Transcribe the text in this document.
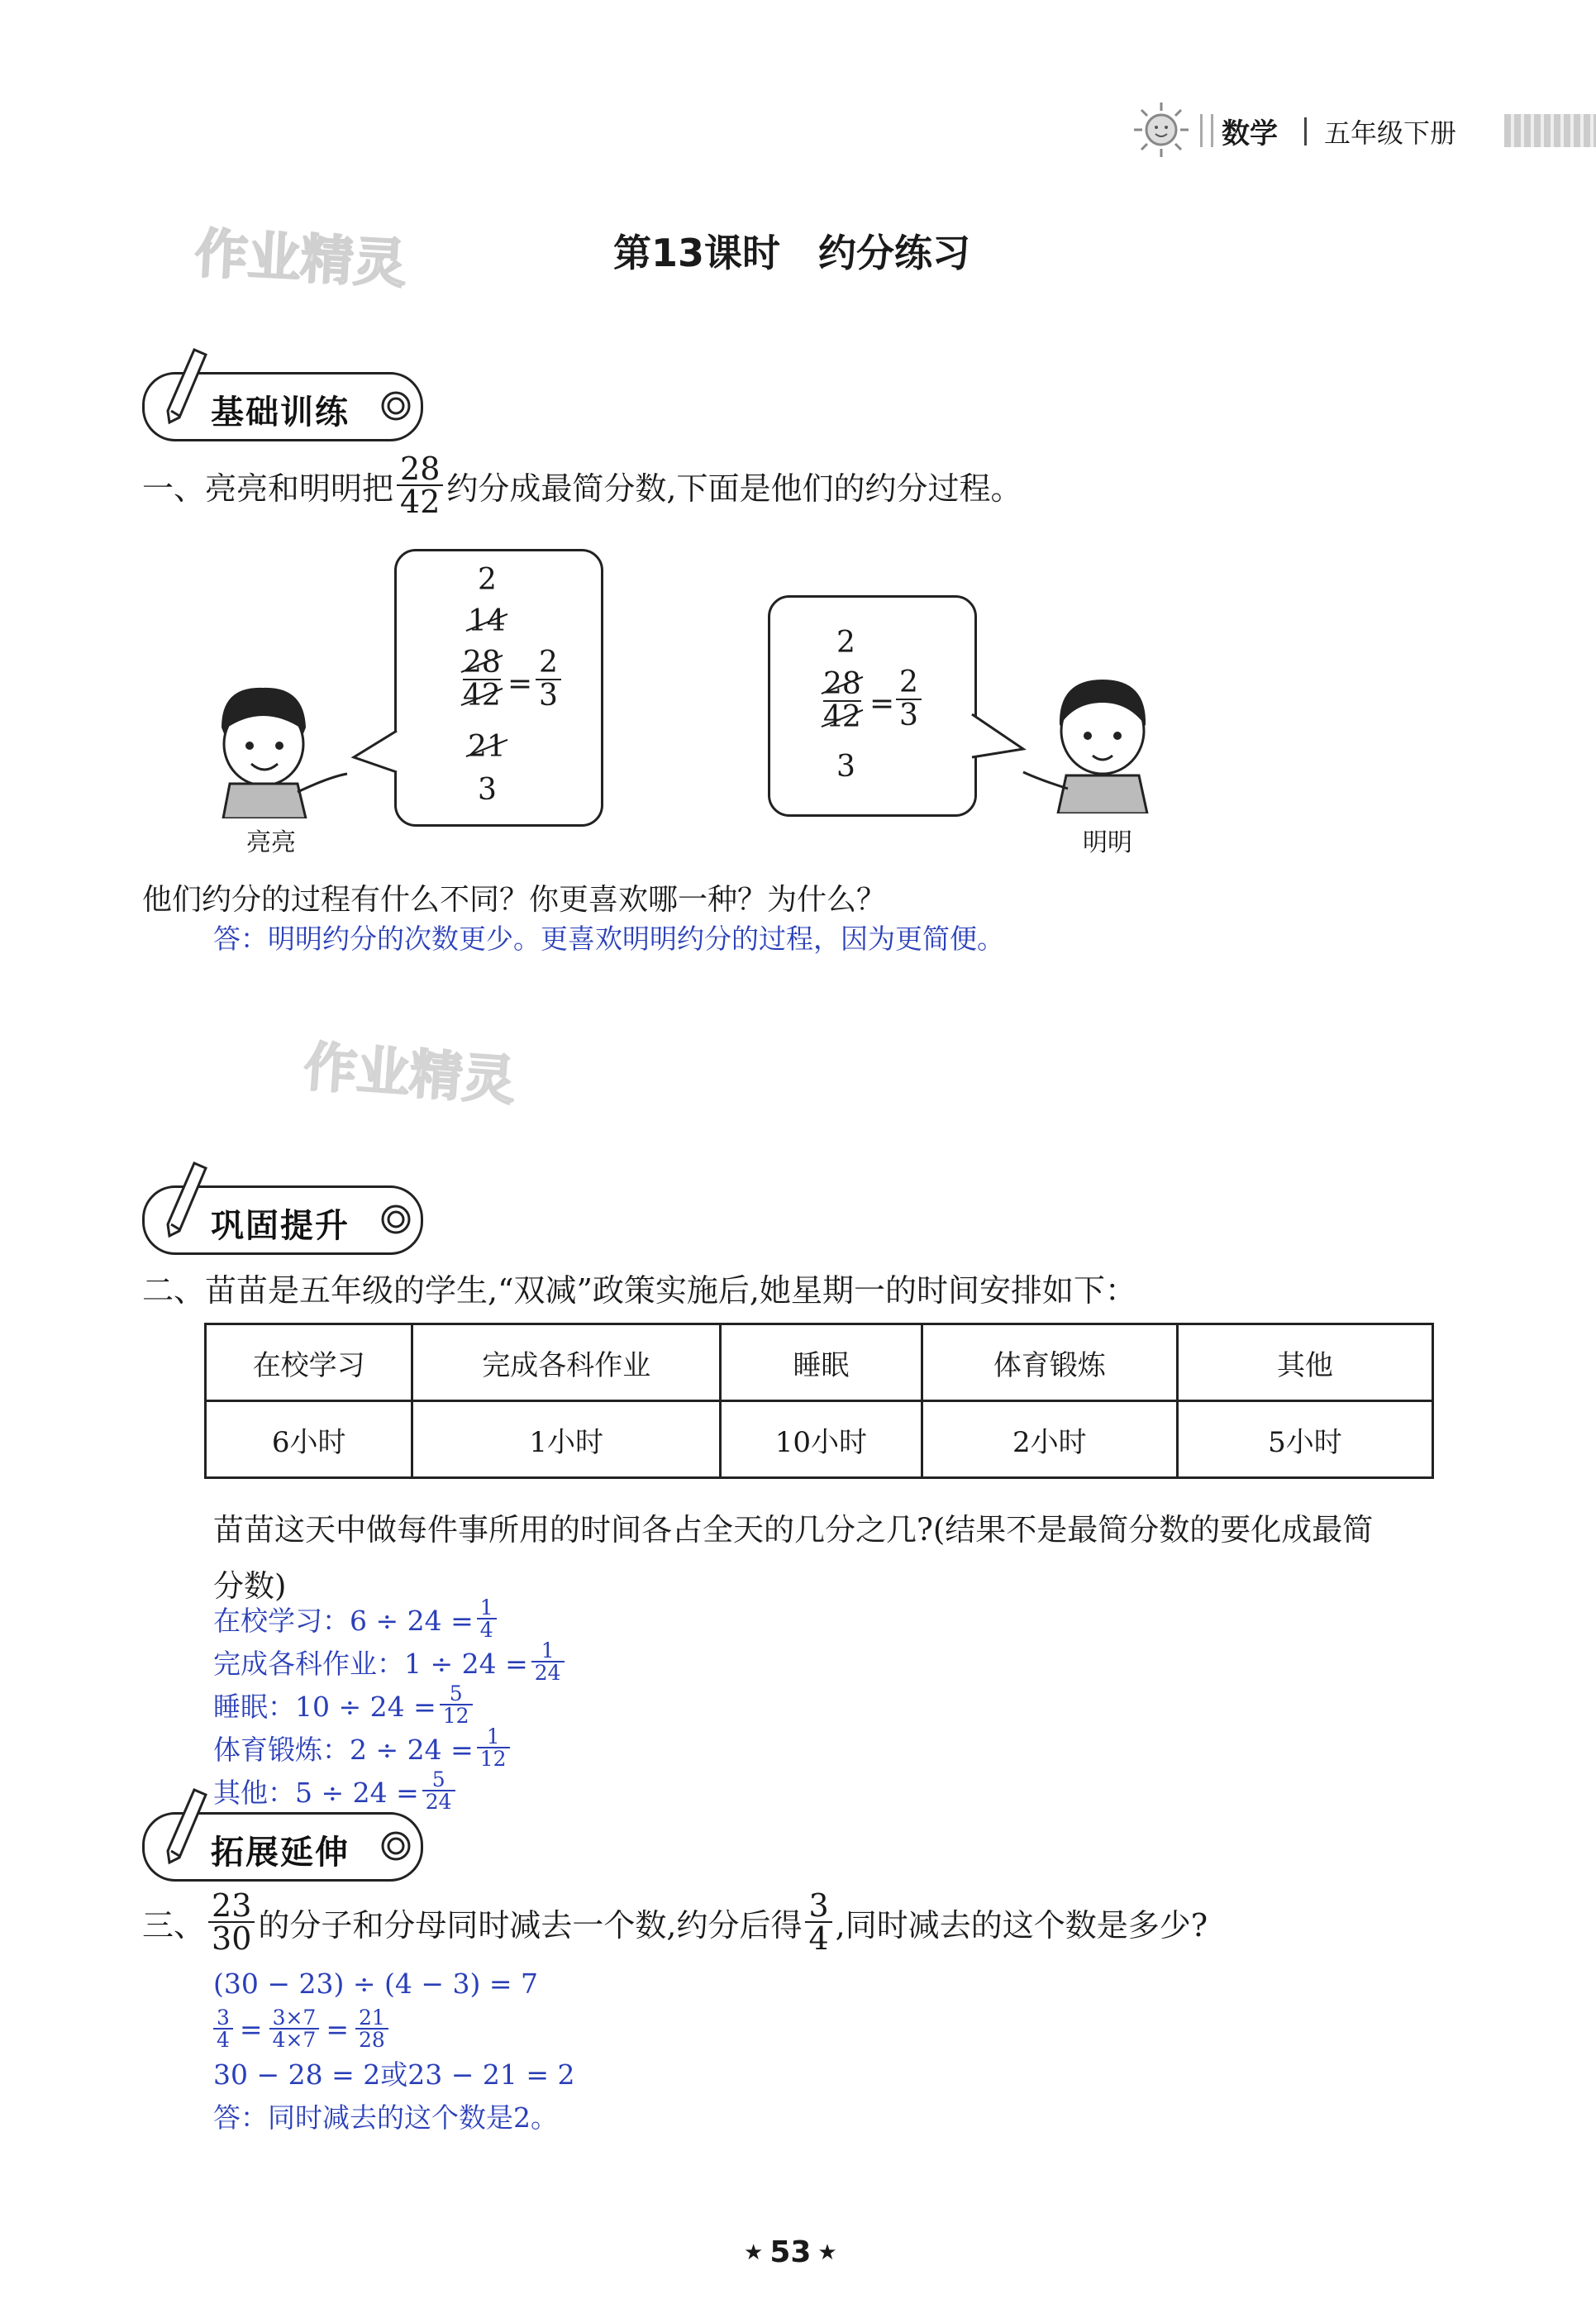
数学 五年级下册
作业精灵
作业精灵
第13课时　约分练习
基础训练
一、亮亮和明明把 $\frac{28}{42}$ 约分成最简分数,下面是他们的约分过程。
2
14
$\frac{28}{42} = \frac{2}{3}$
21
3
亮亮
2
$\frac{28}{42} = \frac{2}{3}$
3
明明
他们约分的过程有什么不同？你更喜欢哪一种？为什么？
答：明明约分的次数更少。更喜欢明明约分的过程，因为更简便。
巩固提升
二、苗苗是五年级的学生,“双减”政策实施后,她星期一的时间安排如下：
在校学习	完成各科作业	睡眠	体育锻炼	其他
6小时	1小时	10小时	2小时	5小时
苗苗这天中做每件事所用的时间各占全天的几分之几?(结果不是最简分数的要化成最简
分数)
在校学习：$6 \div 24 = \frac{1}{4}$
完成各科作业：$1 \div 24 = \frac{1}{24}$
睡眠：$10 \div 24 = \frac{5}{12}$
体育锻炼：$2 \div 24 = \frac{1}{12}$
其他：$5 \div 24 = \frac{5}{24}$
拓展延伸
三、 $\frac{23}{30}$ 的分子和分母同时减去一个数,约分后得 $\frac{3}{4}$ ,同时减去的这个数是多少?
(30 − 23) ÷ (4 − 3) = 7
$\frac{3}{4} = \frac{3\times 7}{4\times 7} = \frac{21}{28}$
30 − 28 = 2或23 − 21 = 2
答：同时减去的这个数是2。
★ 53 ★
